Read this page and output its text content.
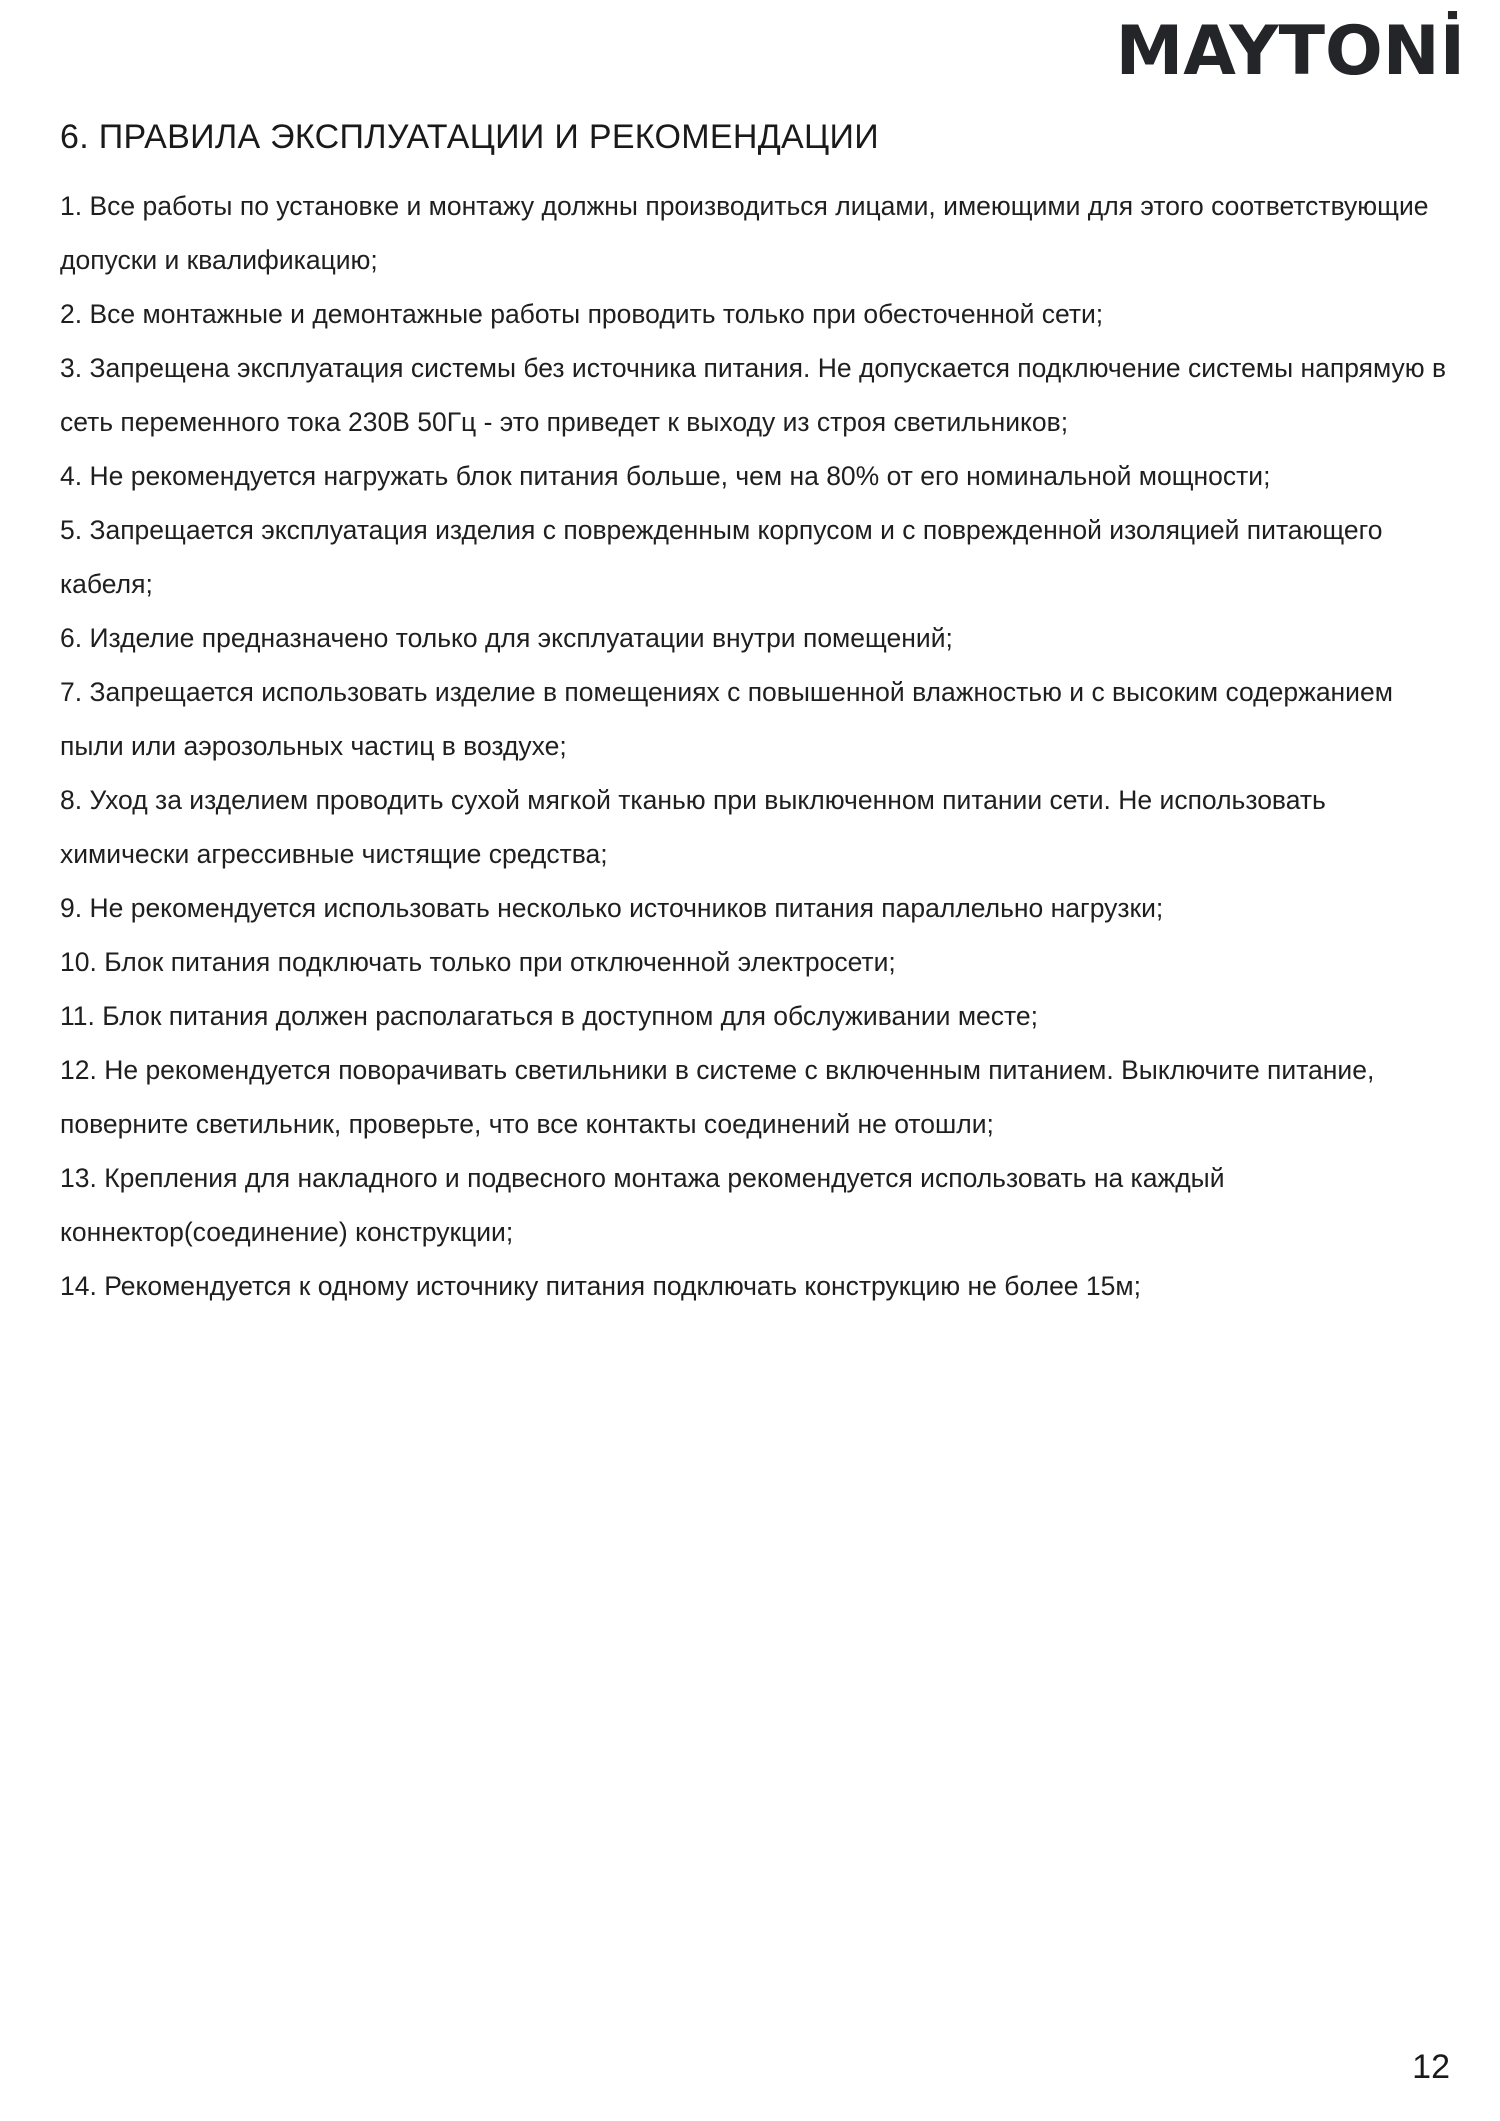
MAYTONİ
6. ПРАВИЛА ЭКСПЛУАТАЦИИ И РЕКОМЕНДАЦИИ

1. Все работы по установке и монтажу должны производиться лицами, имеющими для этого соответствующие допуски и квалификацию;

2. Все монтажные и демонтажные работы проводить только при обесточенной сети;

3. Запрещена эксплуатация системы без источника питания. Не допускается подключение системы напрямую в сеть переменного тока 230В 50Гц - это приведет к выходу из строя светильников;

4. Не рекомендуется нагружать блок питания больше, чем на 80% от его номинальной мощности;

5. Запрещается эксплуатация изделия с поврежденным корпусом и с поврежденной изоляцией питающего кабеля;

6. Изделие предназначено только для эксплуатации внутри помещений;

7. Запрещается использовать изделие в помещениях с повышенной влажностью и с высоким содержанием пыли или аэрозольных частиц в воздухе;

8. Уход за изделием проводить сухой мягкой тканью при выключенном питании сети. Не использовать химически агрессивные чистящие средства;

9. Не рекомендуется использовать несколько источников питания параллельно нагрузки;

10. Блок питания подключать только при отключенной электросети;

11. Блок питания должен располагаться в доступном для обслуживании месте;

12. Не рекомендуется поворачивать светильники в системе с включенным питанием. Выключите питание, поверните светильник, проверьте, что все контакты соединений не отошли;

13. Крепления для накладного и подвесного монтажа рекомендуется использовать на каждый коннектор(соединение) конструкции;

14. Рекомендуется к одному источнику питания подключать конструкцию не более 15м;

12
